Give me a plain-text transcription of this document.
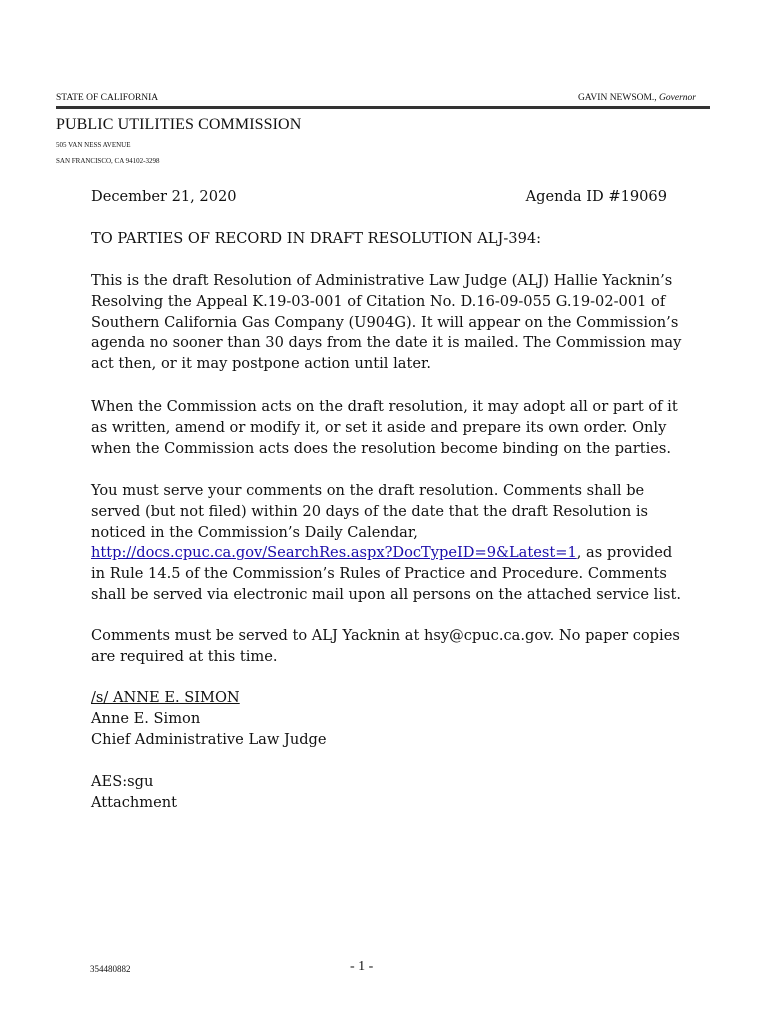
STATE OF CALIFORNIA	GAVIN NEWSOM., Governor
PUBLIC UTILITIES COMMISSION
505 VAN NESS AVENUE
SAN FRANCISCO, CA 94102-3298
December 21, 2020	Agenda ID #19069
TO PARTIES OF RECORD IN DRAFT RESOLUTION ALJ-394:
This is the draft Resolution of Administrative Law Judge (ALJ) Hallie Yacknin’s
Resolving the Appeal K.19-03-001 of Citation No. D.16-09-055 G.19-02-001 of
Southern California Gas Company (U904G). It will appear on the Commission’s
agenda no sooner than 30 days from the date it is mailed. The Commission may
act then, or it may postpone action until later.
When the Commission acts on the draft resolution, it may adopt all or part of it
as written, amend or modify it, or set it aside and prepare its own order. Only
when the Commission acts does the resolution become binding on the parties.
You must serve your comments on the draft resolution. Comments shall be
served (but not filed) within 20 days of the date that the draft Resolution is
noticed in the Commission’s Daily Calendar,
http://docs.cpuc.ca.gov/SearchRes.aspx?DocTypeID=9&Latest=1, as provided
in Rule 14.5 of the Commission’s Rules of Practice and Procedure. Comments
shall be served via electronic mail upon all persons on the attached service list.
Comments must be served to ALJ Yacknin at hsy@cpuc.ca.gov. No paper copies
are required at this time.
/s/ ANNE E. SIMON
Anne E. Simon
Chief Administrative Law Judge
AES:sgu
Attachment
354480882	- 1 -
